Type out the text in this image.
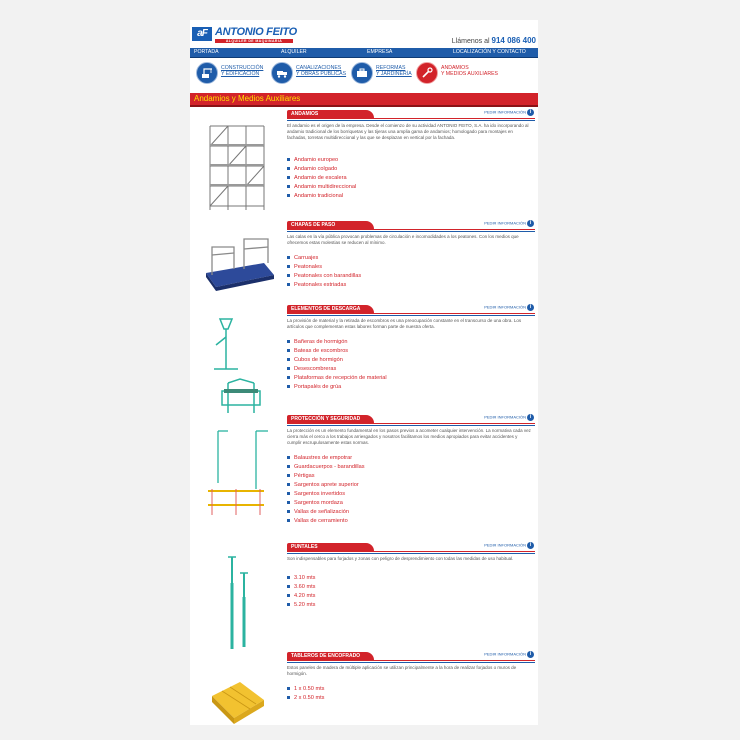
aF ANTONIO FEITO
ALQUILER DE MAQUINARIA	Llámenos al 914 086 400
PORTADA	ALQUILER	EMPRESA	LOCALIZACIÓN Y CONTACTO
CONSTRUCCIÓN
Y EDIFICACIÓN
CANALIZACIONES
Y OBRAS PÚBLICAS
REFORMAS
Y JARDINERÍA
ANDAMIOS
Y MEDIOS AUXILIARES
Andamios y Medios Auxiliares
ANDAMIOS	PEDIR INFORMACIÓN i
El andamio es el origen de la empresa. Desde el comienzo de su actividad ANTONIO FEITO, S.A. ha ido incorporando al andamio tradicional de los borriquetas y las tijeras una amplia gama de andamios; homologado para montajes en fachadas, torretas multidireccional y las que se desplazan en vertical por la fachada.
Andamio europeo
Andamio colgado
Andamio de escalera
Andamio multidireccional
Andamio tradicional
CHAPAS DE PASO	PEDIR INFORMACIÓN i
Las calas en la vía pública provocan problemas de circulación e incomodidades a los peatones. Con los medios que ofrecemos estas molestias se reducen al mínimo.
Carruajes
Peatonales
Peatonales con barandillas
Peatonales estriadas
ELEMENTOS DE DESCARGA	PEDIR INFORMACIÓN i
La provisión de material y la retirada de escombros es una preocupación constante en el transcurso de una obra. Los artículos que complementan estas labores forman parte de nuestra oferta.
Bañeras de hormigón
Bateas de escombros
Cubos de hormigón
Desescombreras
Plataformas de recepción de material
Portapalés de grúa
PROTECCIÓN Y SEGURIDAD	PEDIR INFORMACIÓN i
La protección es un elemento fundamental en los pasos previos a acometer cualquier intervención. La normativa cada vez cierra más el cerco a los trabajos arriesgados y nosotros facilitamos los medios apropiados para evitar accidentes y cumplir escrupulosamente estas normas.
Balaustres de empotrar
Guardacuerpos - barandillas
Pértigas
Sargentos aprete superior
Sargentos invertidos
Sargentos mordaza
Vallas de señalización
Vallas de cerramiento
PUNTALES	PEDIR INFORMACIÓN i
Son indispensables para forjados y zonas con peligro de desprendimiento con todas las medidas de uso habitual.
3.10 mts
3.60 mts
4.20 mts
5.20 mts
TABLEROS DE ENCOFRADO	PEDIR INFORMACIÓN i
Estos paneles de madera de múltiple aplicación se utilizan principalmente a la hora de realizar forjados o muros de hormigón.
1 x 0.50 mts
2 x 0.50 mts
